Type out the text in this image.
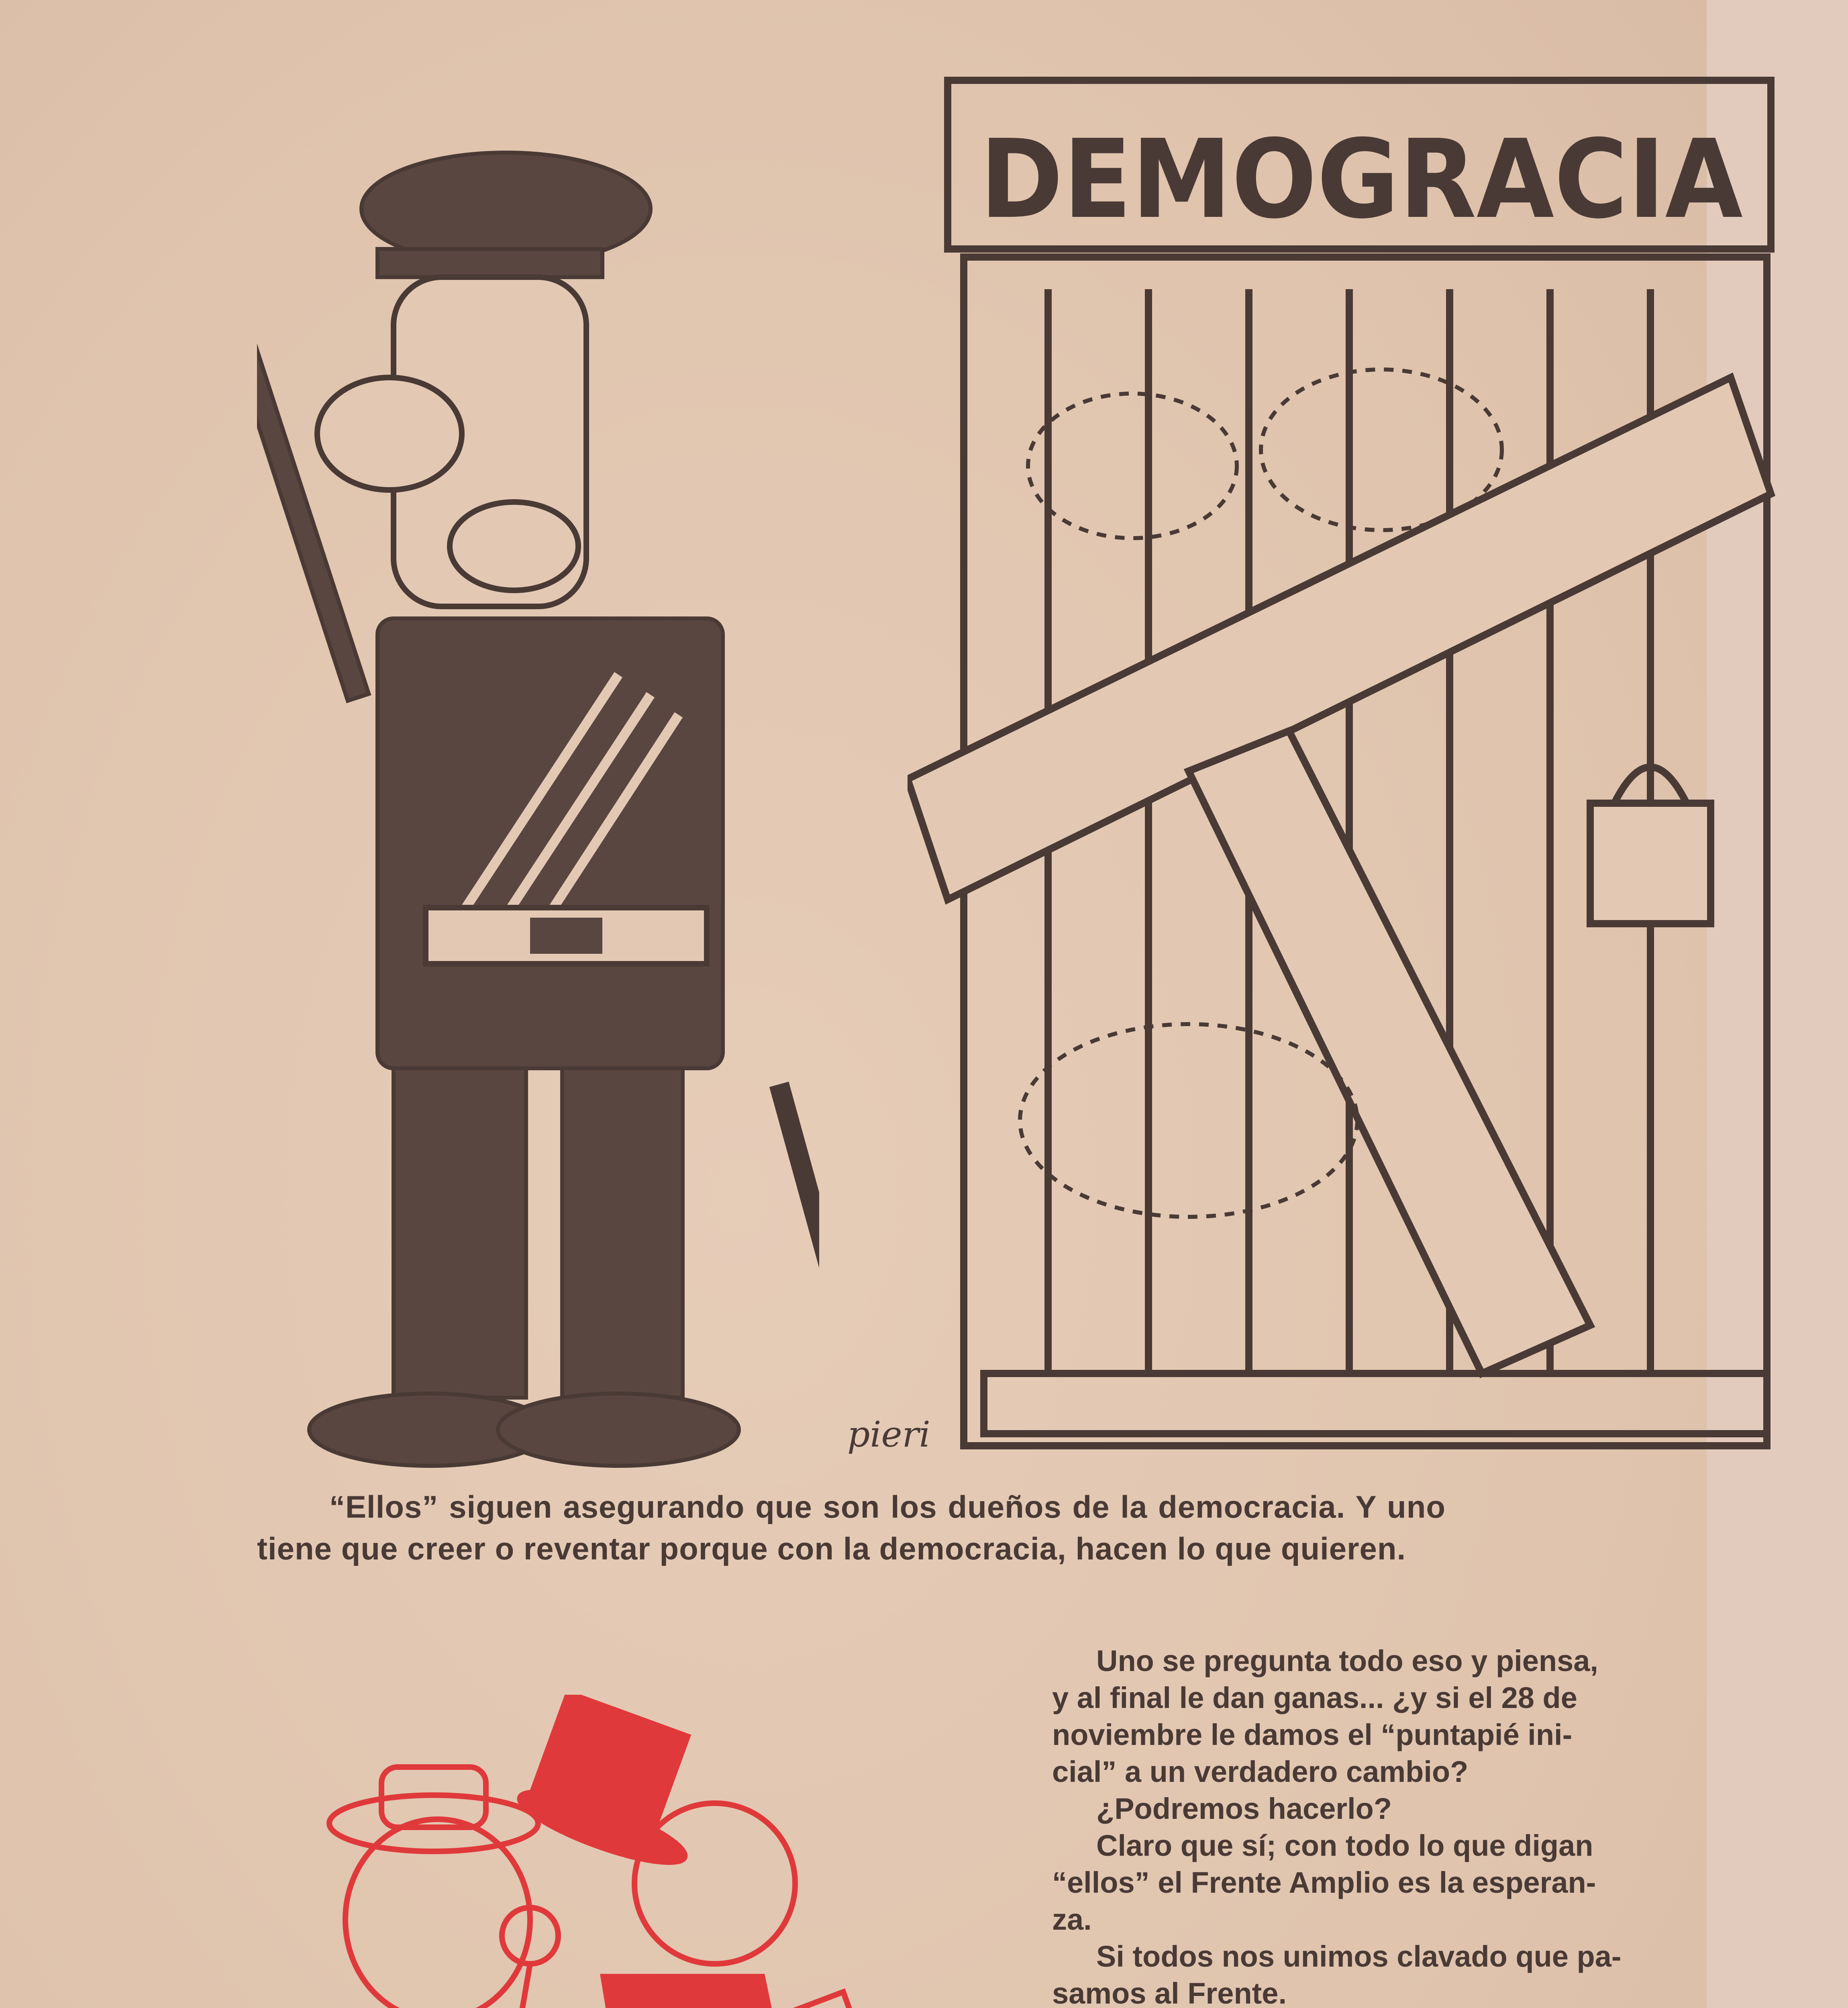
DEMOGRACIA
pieri
“Ellos” siguen asegurando que son los dueños de la democracia. Y uno tiene que creer o reventar porque con la democracia, hacen lo que quieren.

Uno se pregunta todo eso y piensa,

y al final le dan ganas... ¿y si el 28 de

noviembre le damos el “puntapié ini-

cial” a un verdadero cambio?

¿Podremos hacerlo?

Claro que sí; con todo lo que digan

“ellos” el Frente Amplio es la esperan-

za.

Si todos nos unimos clavado que pa-

samos al Frente.
